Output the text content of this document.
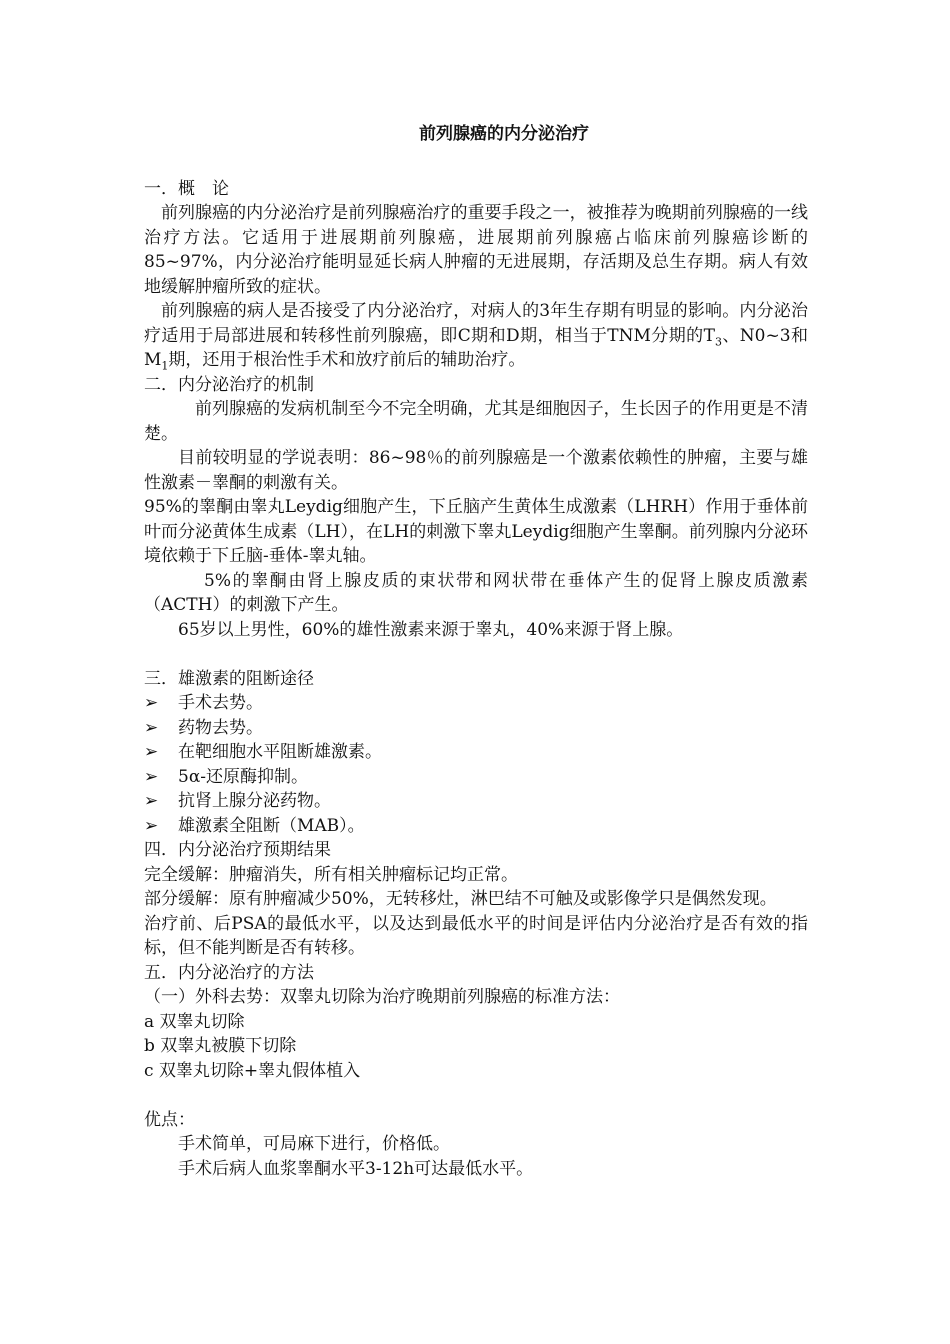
前列腺癌的内分泌治疗

一．概　论

前列腺癌的内分泌治疗是前列腺癌治疗的重要手段之一，被推荐为晚期前列腺癌的一线治疗方法。它适用于进展期前列腺癌，进展期前列腺癌占临床前列腺癌诊断的85~97%，内分泌治疗能明显延长病人肿瘤的无进展期，存活期及总生存期。病人有效地缓解肿瘤所致的症状。

前列腺癌的病人是否接受了内分泌治疗，对病人的3年生存期有明显的影响。内分泌治疗适用于局部进展和转移性前列腺癌，即C期和D期，相当于TNM分期的$T_3$、N0~3和$M_1$期，还用于根治性手术和放疗前后的辅助治疗。

二．内分泌治疗的机制

前列腺癌的发病机制至今不完全明确，尤其是细胞因子，生长因子的作用更是不清楚。

目前较明显的学说表明：86~98％的前列腺癌是一个激素依赖性的肿瘤，主要与雄性激素－睾酮的刺激有关。

95%的睾酮由睾丸Leydig细胞产生，下丘脑产生黄体生成激素（LHRH）作用于垂体前叶而分泌黄体生成素（LH），在LH的刺激下睾丸Leydig细胞产生睾酮。前列腺内分泌环境依赖于下丘脑-垂体-睾丸轴。

5%的睾酮由肾上腺皮质的束状带和网状带在垂体产生的促肾上腺皮质激素（ACTH）的刺激下产生。

65岁以上男性，60%的雄性激素来源于睾丸，40%来源于肾上腺。

三．雄激素的阻断途径

➢ 手术去势。
➢ 药物去势。
➢ 在靶细胞水平阻断雄激素。
➢ 5α-还原酶抑制。
➢ 抗肾上腺分泌药物。
➢ 雄激素全阻断（MAB）。

四．内分泌治疗预期结果

完全缓解：肿瘤消失，所有相关肿瘤标记均正常。

部分缓解：原有肿瘤减少50%，无转移灶，淋巴结不可触及或影像学只是偶然发现。

治疗前、后PSA的最低水平，以及达到最低水平的时间是评估内分泌治疗是否有效的指标，但不能判断是否有转移。

五．内分泌治疗的方法

（一）外科去势：双睾丸切除为治疗晚期前列腺癌的标准方法：

a 双睾丸切除

b 双睾丸被膜下切除

c 双睾丸切除+睾丸假体植入

优点：

手术简单，可局麻下进行，价格低。

手术后病人血浆睾酮水平3-12h可达最低水平。
